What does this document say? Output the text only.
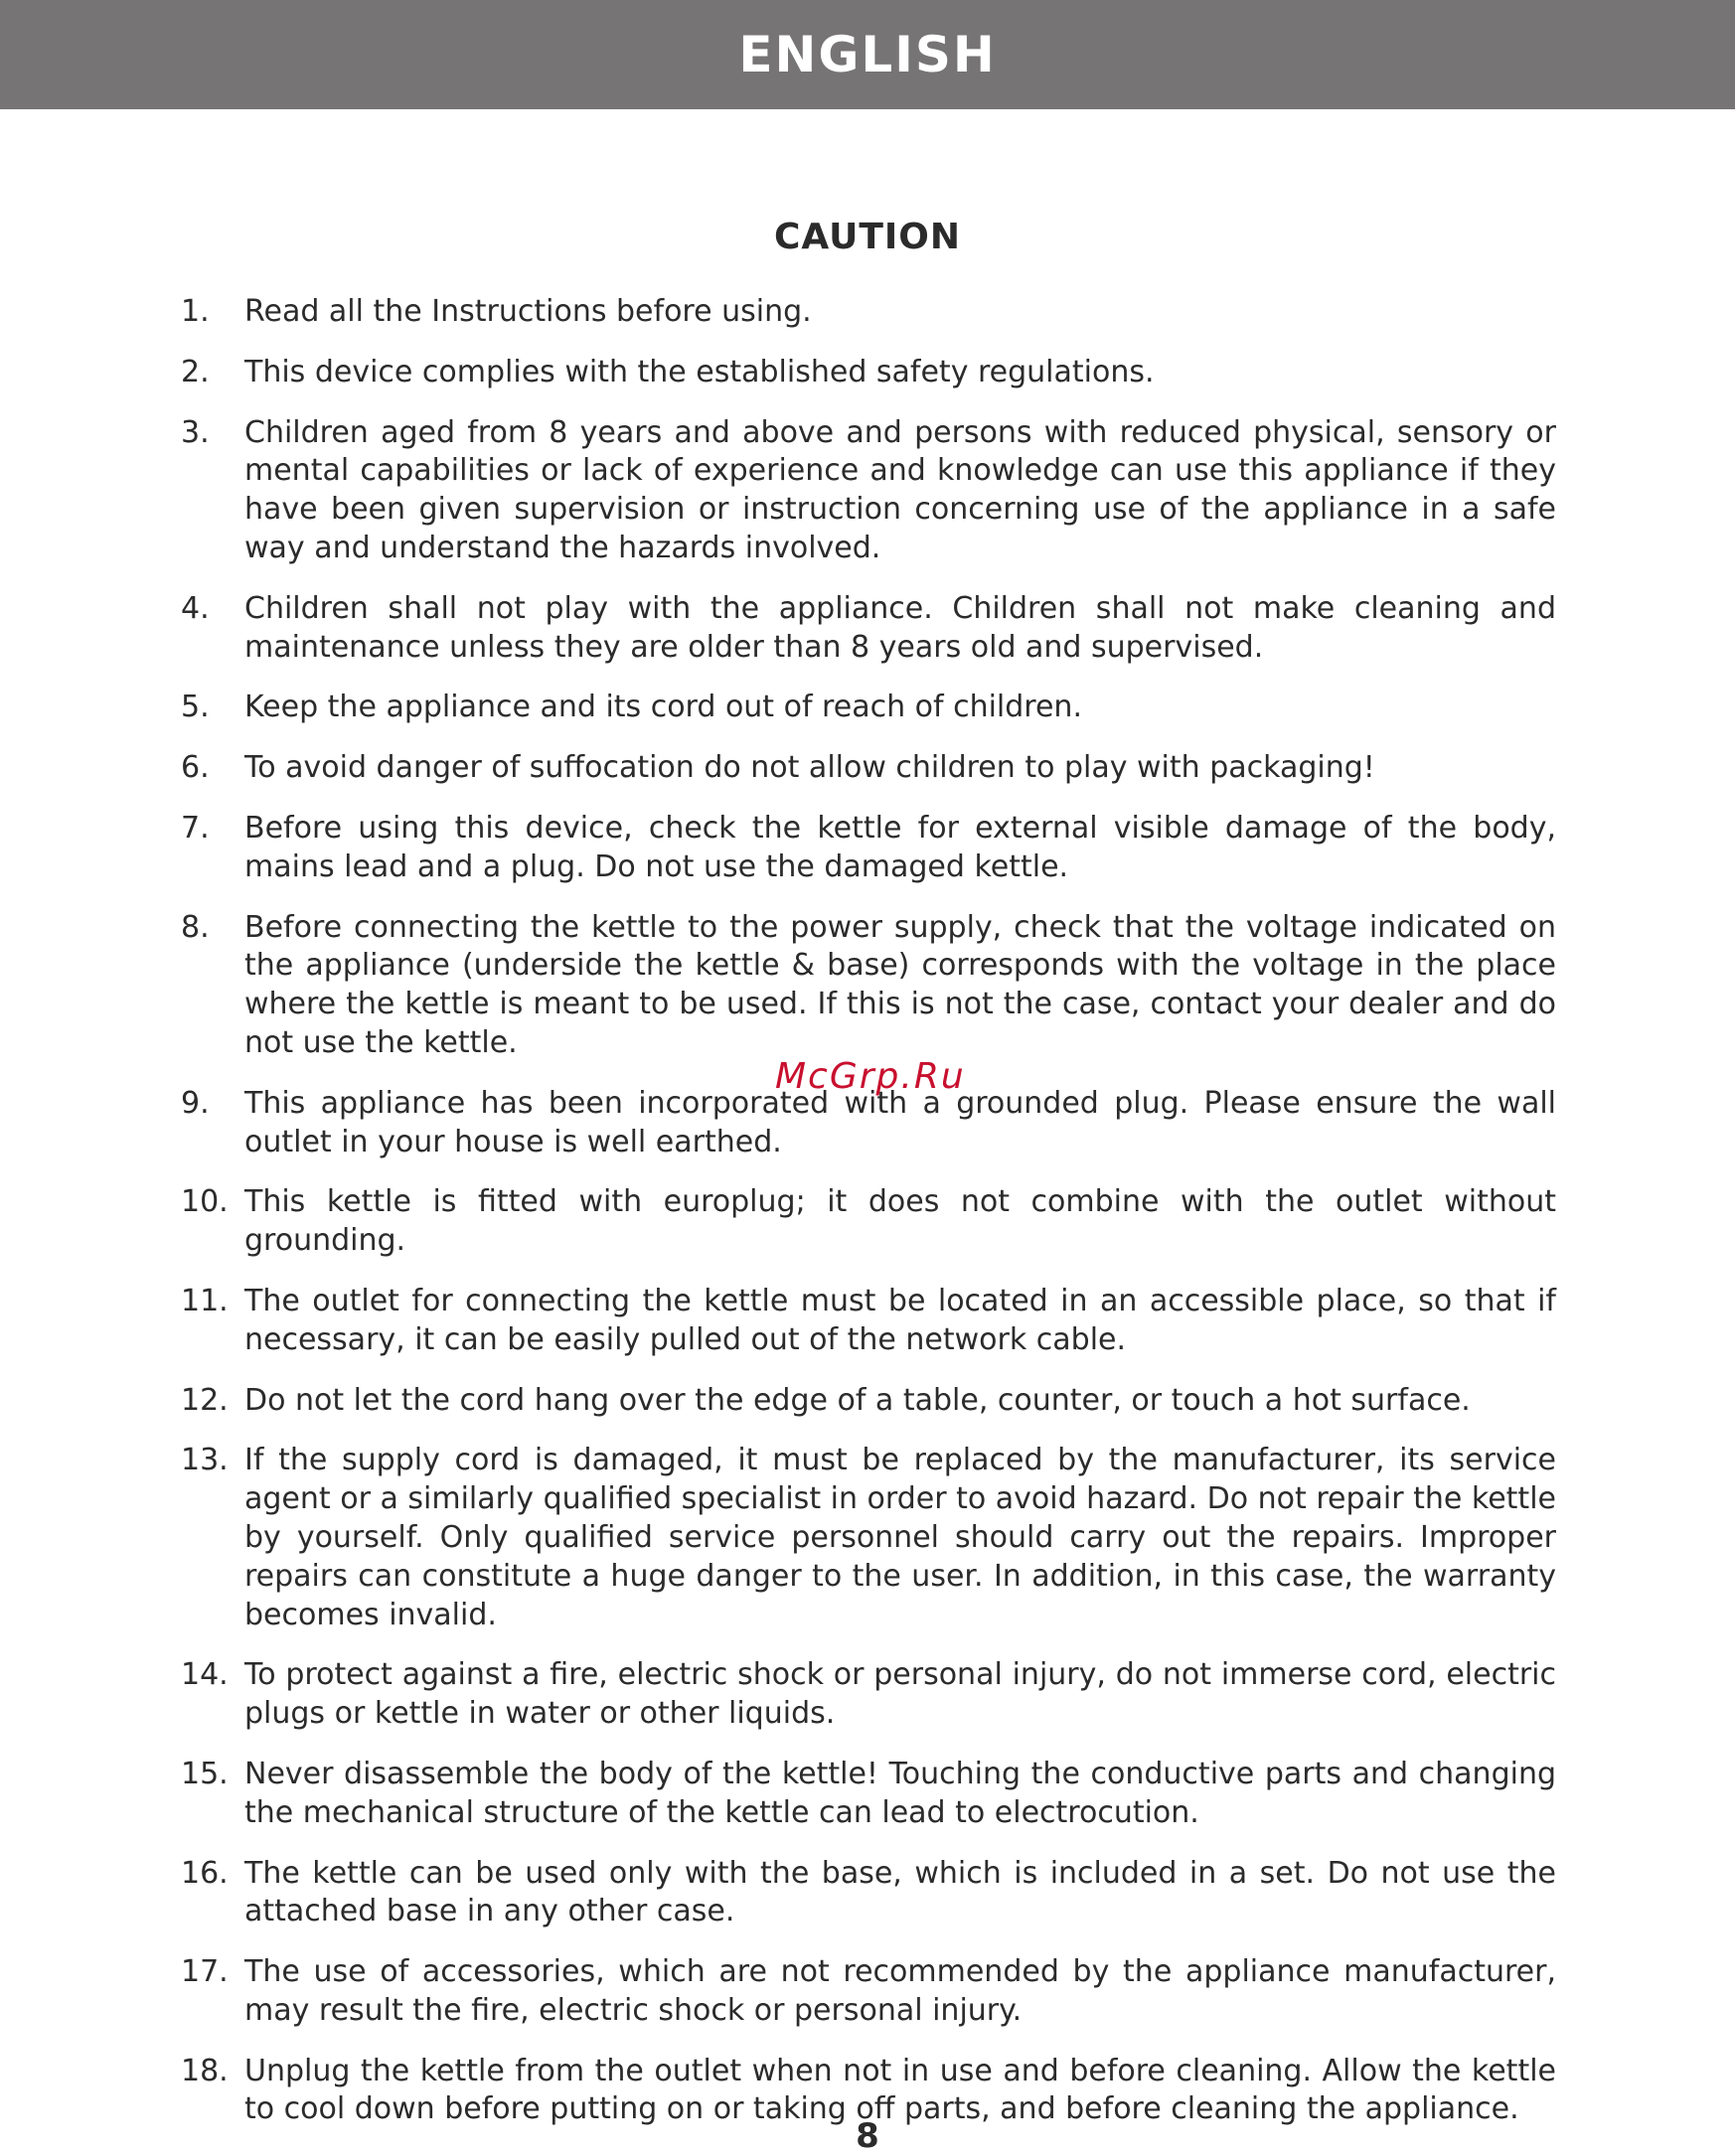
ENGLISH
CAUTION
1. Read all the Instructions before using.
2. This device complies with the established safety regulations.
3. Children aged from 8 years and above and persons with reduced physical, sensory or mental capabilities or lack of experience and knowledge can use this appliance if they have been given supervision or instruction concerning use of the appliance in a safe way and understand the hazards involved.
4. Children shall not play with the appliance. Children shall not make cleaning and maintenance unless they are older than 8 years old and supervised.
5. Keep the appliance and its cord out of reach of children.
6. To avoid danger of suffocation do not allow children to play with packaging!
7. Before using this device, check the kettle for external visible damage of the body, mains lead and a plug. Do not use the damaged kettle.
8. Before connecting the kettle to the power supply, check that the voltage indicated on the appliance (underside the kettle & base) corresponds with the voltage in the place where the kettle is meant to be used. If this is not the case, contact your dealer and do not use the kettle.
9. This appliance has been incorporated with a grounded plug. Please ensure the wall outlet in your house is well earthed.
10. This kettle is fitted with europlug; it does not combine with the outlet without grounding.
11. The outlet for connecting the kettle must be located in an accessible place, so that if necessary, it can be easily pulled out of the network cable.
12. Do not let the cord hang over the edge of a table, counter, or touch a hot surface.
13. If the supply cord is damaged, it must be replaced by the manufacturer, its service agent or a similarly qualified specialist in order to avoid hazard. Do not repair the kettle by yourself. Only qualified service personnel should carry out the repairs. Improper repairs can constitute a huge danger to the user. In addition, in this case, the warranty becomes invalid.
14. To protect against a fire, electric shock or personal injury, do not immerse cord, electric plugs or kettle in water or other liquids.
15. Never disassemble the body of the kettle! Touching the conductive parts and changing the mechanical structure of the kettle can lead to electrocution.
16. The kettle can be used only with the base, which is included in a set. Do not use the attached base in any other case.
17. The use of accessories, which are not recommended by the appliance manufacturer, may result the fire, electric shock or personal injury.
18. Unplug the kettle from the outlet when not in use and before cleaning. Allow the kettle to cool down before putting on or taking off parts, and before cleaning the appliance.
McGrp.Ru
8
